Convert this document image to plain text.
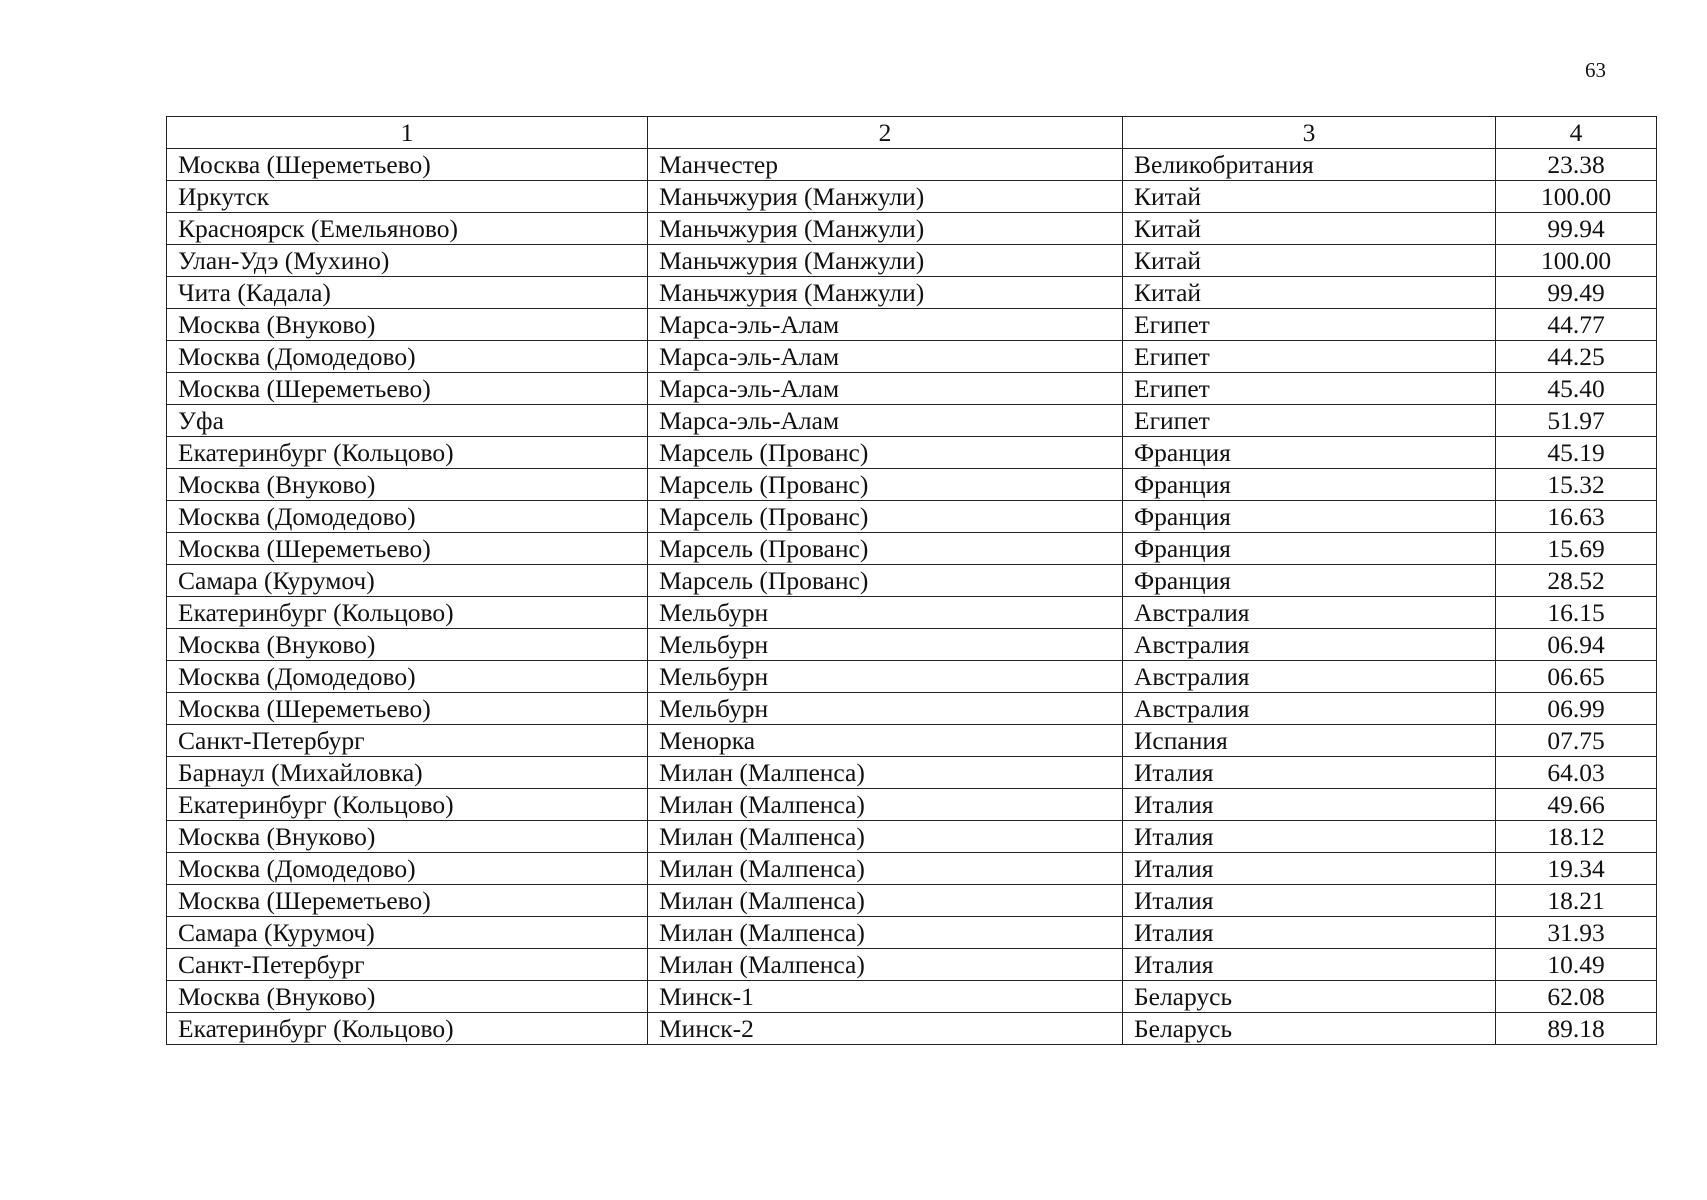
63
1	2	3	4
Москва (Шереметьево)	Манчестер	Великобритания	23.38
Иркутск	Маньчжурия (Манжули)	Китай	100.00
Красноярск (Емельяново)	Маньчжурия (Манжули)	Китай	99.94
Улан-Удэ (Мухино)	Маньчжурия (Манжули)	Китай	100.00
Чита (Кадала)	Маньчжурия (Манжули)	Китай	99.49
Москва (Внуково)	Марса-эль-Алам	Египет	44.77
Москва (Домодедово)	Марса-эль-Алам	Египет	44.25
Москва (Шереметьево)	Марса-эль-Алам	Египет	45.40
Уфа	Марса-эль-Алам	Египет	51.97
Екатеринбург (Кольцово)	Марсель (Прованс)	Франция	45.19
Москва (Внуково)	Марсель (Прованс)	Франция	15.32
Москва (Домодедово)	Марсель (Прованс)	Франция	16.63
Москва (Шереметьево)	Марсель (Прованс)	Франция	15.69
Самара (Курумоч)	Марсель (Прованс)	Франция	28.52
Екатеринбург (Кольцово)	Мельбурн	Австралия	16.15
Москва (Внуково)	Мельбурн	Австралия	06.94
Москва (Домодедово)	Мельбурн	Австралия	06.65
Москва (Шереметьево)	Мельбурн	Австралия	06.99
Санкт-Петербург	Менорка	Испания	07.75
Барнаул (Михайловка)	Милан (Малпенса)	Италия	64.03
Екатеринбург (Кольцово)	Милан (Малпенса)	Италия	49.66
Москва (Внуково)	Милан (Малпенса)	Италия	18.12
Москва (Домодедово)	Милан (Малпенса)	Италия	19.34
Москва (Шереметьево)	Милан (Малпенса)	Италия	18.21
Самара (Курумоч)	Милан (Малпенса)	Италия	31.93
Санкт-Петербург	Милан (Малпенса)	Италия	10.49
Москва (Внуково)	Минск-1	Беларусь	62.08
Екатеринбург (Кольцово)	Минск-2	Беларусь	89.18
